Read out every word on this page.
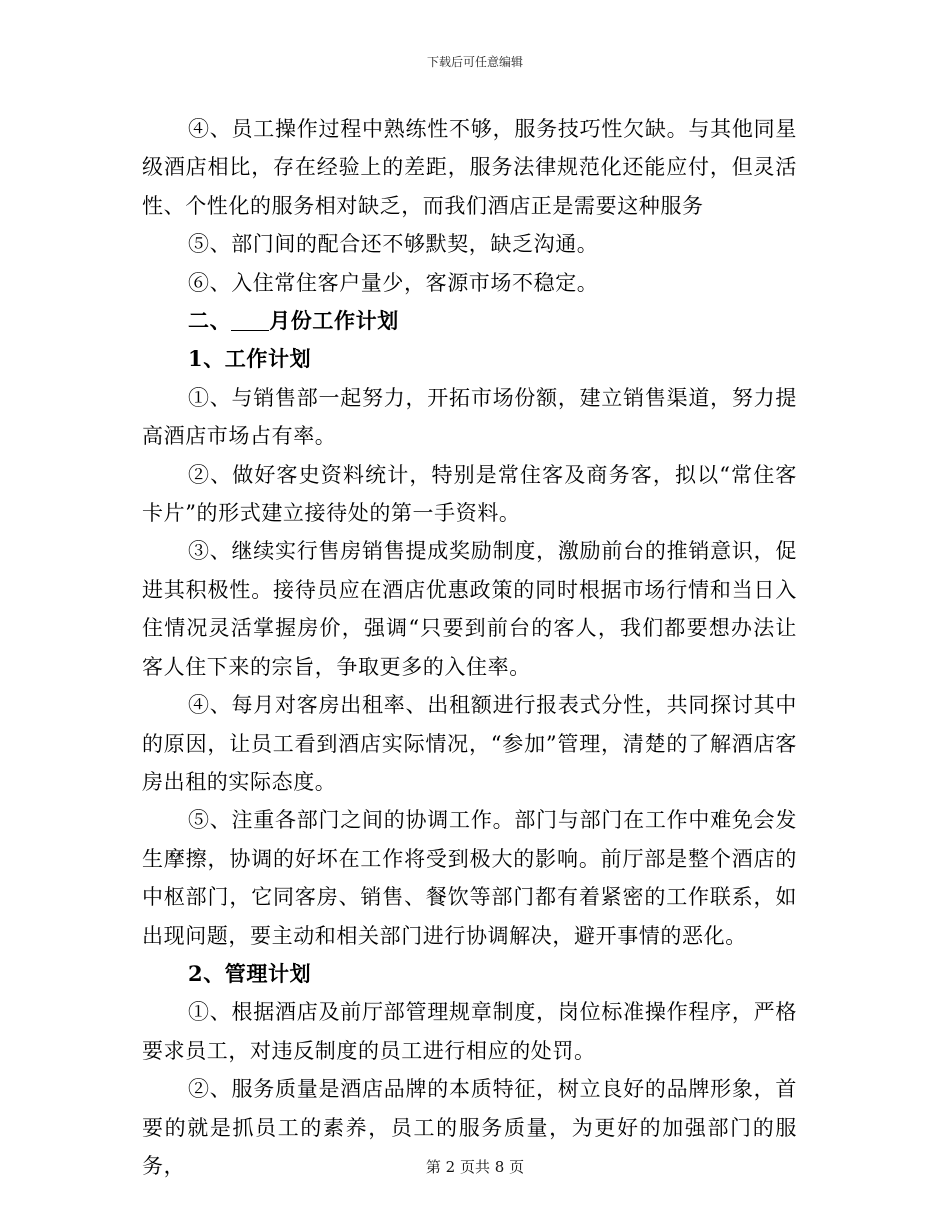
下载后可任意编辑

④、员工操作过程中熟练性不够，服务技巧性欠缺。与其他同星级酒店相比，存在经验上的差距，服务法律规范化还能应付，但灵活性、个性化的服务相对缺乏，而我们酒店正是需要这种服务

⑤、部门间的配合还不够默契，缺乏沟通。

⑥、入住常住客户量少，客源市场不稳定。

二、 月份工作计划

1、工作计划

①、与销售部一起努力，开拓市场份额，建立销售渠道，努力提高酒店市场占有率。

②、做好客史资料统计，特别是常住客及商务客，拟以“常住客卡片”的形式建立接待处的第一手资料。

③、继续实行售房销售提成奖励制度，激励前台的推销意识，促进其积极性。接待员应在酒店优惠政策的同时根据市场行情和当日入住情况灵活掌握房价，强调“只要到前台的客人，我们都要想办法让客人住下来的宗旨，争取更多的入住率。

④、每月对客房出租率、出租额进行报表式分性，共同探讨其中的原因，让员工看到酒店实际情况，“参加”管理，清楚的了解酒店客房出租的实际态度。

⑤、注重各部门之间的协调工作。部门与部门在工作中难免会发生摩擦，协调的好坏在工作将受到极大的影响。前厅部是整个酒店的中枢部门，它同客房、销售、餐饮等部门都有着紧密的工作联系，如出现问题，要主动和相关部门进行协调解决，避开事情的恶化。

2、管理计划

①、根据酒店及前厅部管理规章制度，岗位标准操作程序，严格要求员工，对违反制度的员工进行相应的处罚。

②、服务质量是酒店品牌的本质特征，树立良好的品牌形象，首要的就是抓员工的素养，员工的服务质量，为更好的加强部门的服务，	第 2 页共 8 页
